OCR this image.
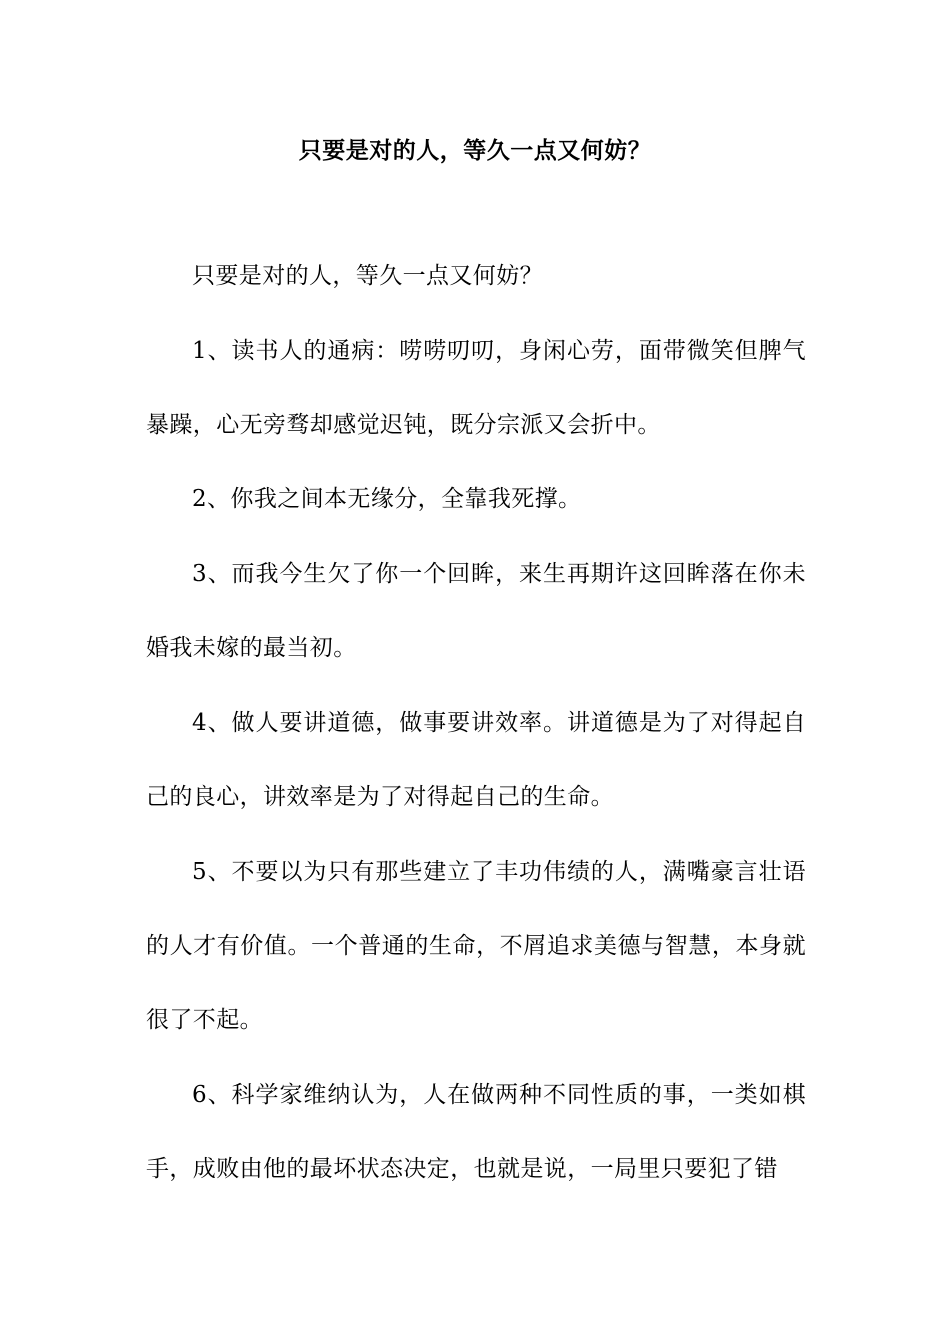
只要是对的人，等久一点又何妨？

只要是对的人，等久一点又何妨？

1、读书人的通病：唠唠叨叨，身闲心劳，面带微笑但脾气暴躁，心无旁骛却感觉迟钝，既分宗派又会折中。

2、你我之间本无缘分，全靠我死撑。

3、而我今生欠了你一个回眸，来生再期许这回眸落在你未婚我未嫁的最当初。

4、做人要讲道德，做事要讲效率。讲道德是为了对得起自己的良心，讲效率是为了对得起自己的生命。

5、不要以为只有那些建立了丰功伟绩的人，满嘴豪言壮语的人才有价值。一个普通的生命，不屑追求美德与智慧，本身就很了不起。

6、科学家维纳认为，人在做两种不同性质的事，一类如棋手，成败由他的最坏状态决定，也就是说，一局里只要犯了错
